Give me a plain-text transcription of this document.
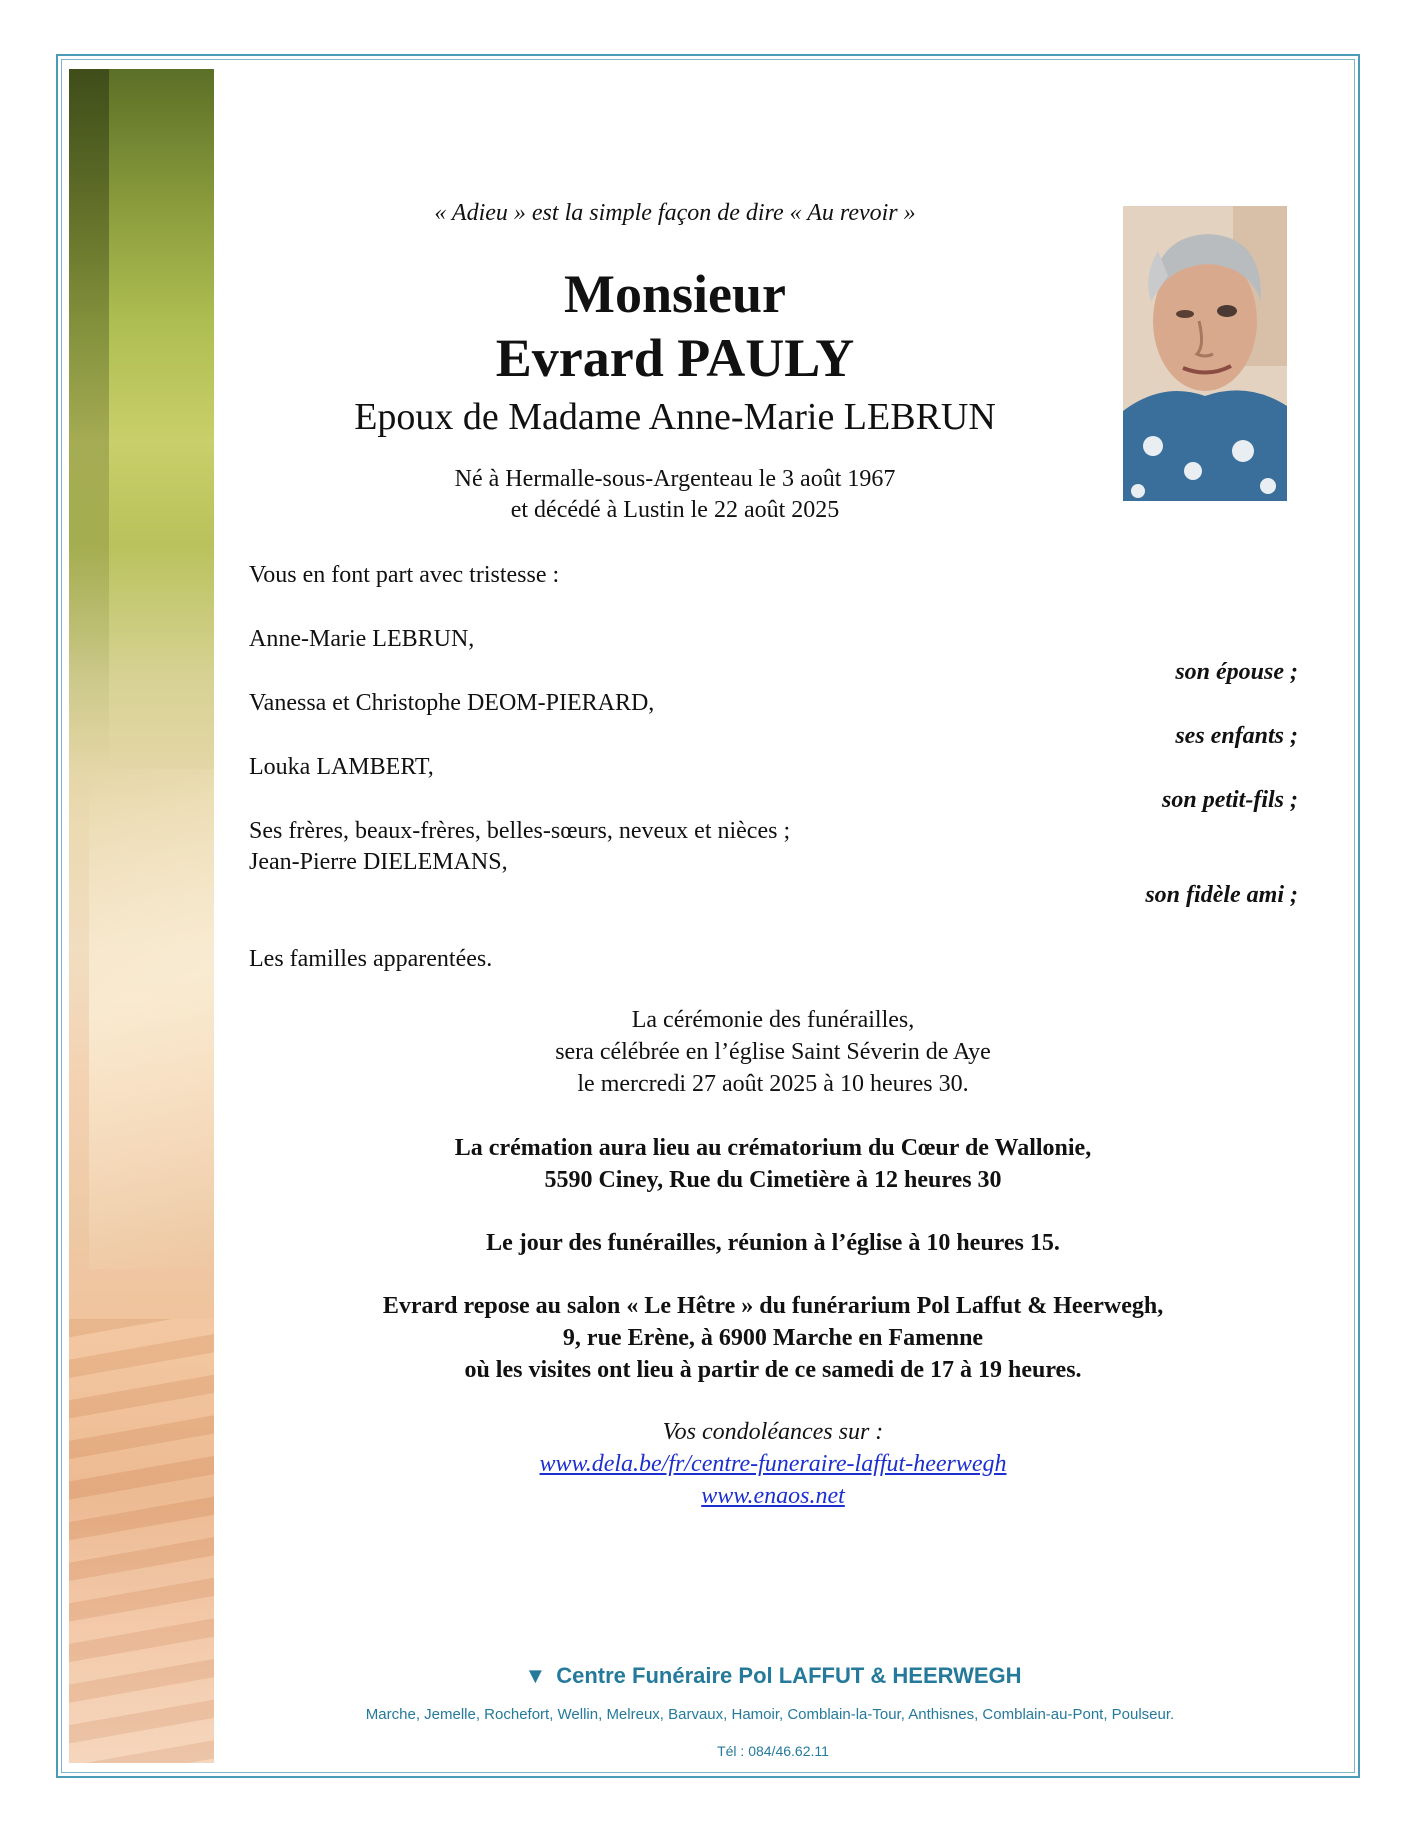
« Adieu » est la simple façon de dire « Au revoir »
Monsieur
Evrard PAULY
Epoux de Madame Anne-Marie LEBRUN
Né à Hermalle-sous-Argenteau le 3 août 1967
et décédé à Lustin le 22 août 2025
Vous en font part avec tristesse :
Anne-Marie LEBRUN,
son épouse ;
Vanessa et Christophe DEOM-PIERARD,
ses enfants ;
Louka LAMBERT,
son petit-fils ;
Ses frères, beaux-frères, belles-sœurs, neveux et nièces ;
Jean-Pierre DIELEMANS,
son fidèle ami ;
Les familles apparentées.
La cérémonie des funérailles,
sera célébrée en l’église Saint Séverin de Aye
le mercredi 27 août 2025 à 10 heures 30.
La crémation aura lieu au crématorium du Cœur de Wallonie,
5590 Ciney, Rue du Cimetière à 12 heures 30
Le jour des funérailles, réunion à l’église à 10 heures 15.
Evrard repose au salon « Le Hêtre » du funérarium Pol Laffut & Heerwegh,
9, rue Erène, à 6900 Marche en Famenne
où les visites ont lieu à partir de ce samedi de 17 à 19 heures.
Vos condoléances sur :
www.dela.be/fr/centre-funeraire-laffut-heerwegh
www.enaos.net
▼ Centre Funéraire Pol LAFFUT & HEERWEGH
Marche, Jemelle, Rochefort, Wellin, Melreux, Barvaux, Hamoir, Comblain-la-Tour, Anthisnes, Comblain-au-Pont, Poulseur.
Tél : 084/46.62.11
